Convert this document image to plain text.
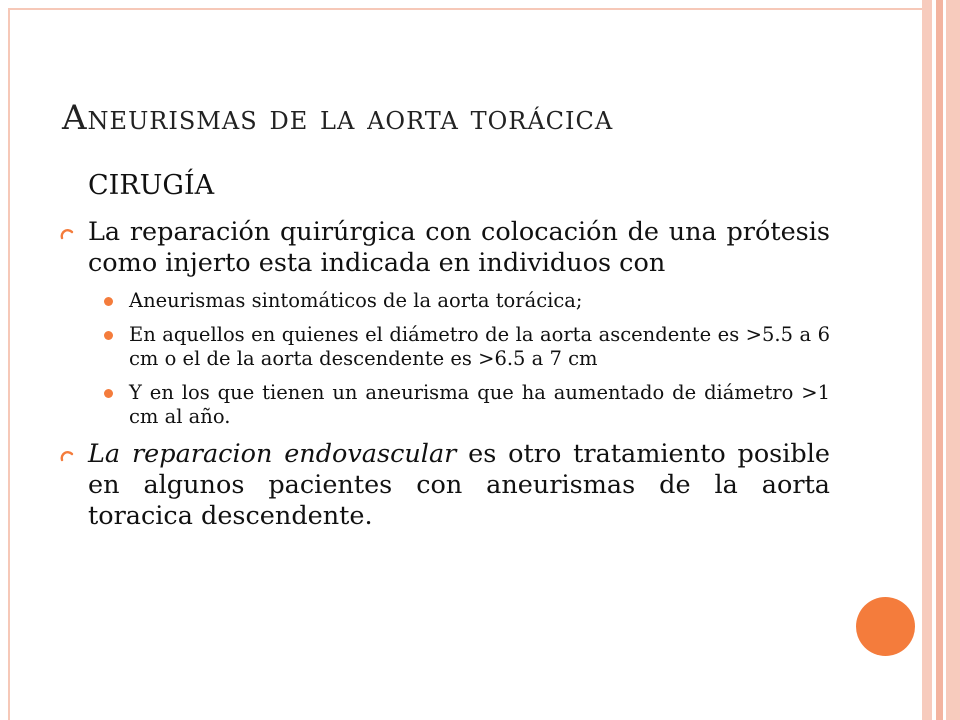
Aneurismas de la aorta torácica

CIRUGÍA

La reparación quirúrgica con colocación de una prótesis como injerto esta indicada en individuos con
Aneurismas sintomáticos de la aorta torácica;
En aquellos en quienes el diámetro de la aorta ascendente es >5.5 a 6 cm o el de la aorta descendente es >6.5 a 7 cm
Y en los que tienen un aneurisma que ha aumentado de diámetro >1 cm al año.
La reparacion endovascular es otro tratamiento posible en algunos pacientes con aneurismas de la aorta toracica descendente.
